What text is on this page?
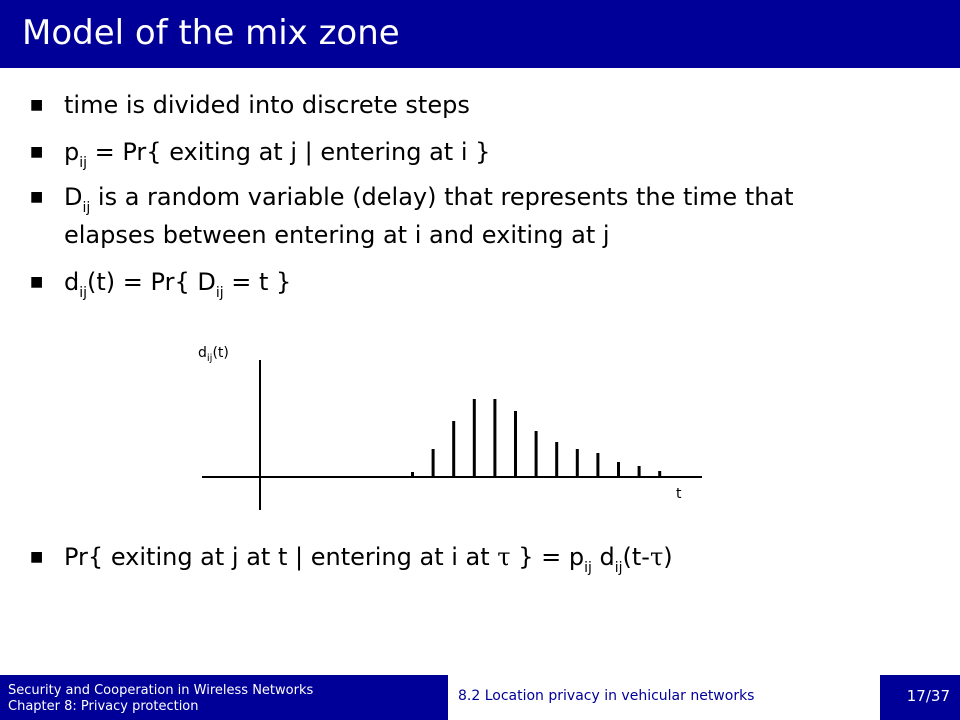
Model of the mix zone
■ time is divided into discrete steps
■ $p_{ij} = Pr${ exiting at j | entering at i }
■ $D_{ij}$ is a random variable (delay) that represents the time that
elapses between entering at i and exiting at j
■ $d_{ij}(t) = Pr${ $D_{ij} = t$ }
■ Pr{ exiting at j at t | entering at i at τ } = $p_{ij}$ $d_{ij}(t-\tau)$
$d_{ij}(t)$
t
Security and Cooperation in Wireless Networks
Chapter 8: Privacy protection
8.2 Location privacy in vehicular networks	17/37
